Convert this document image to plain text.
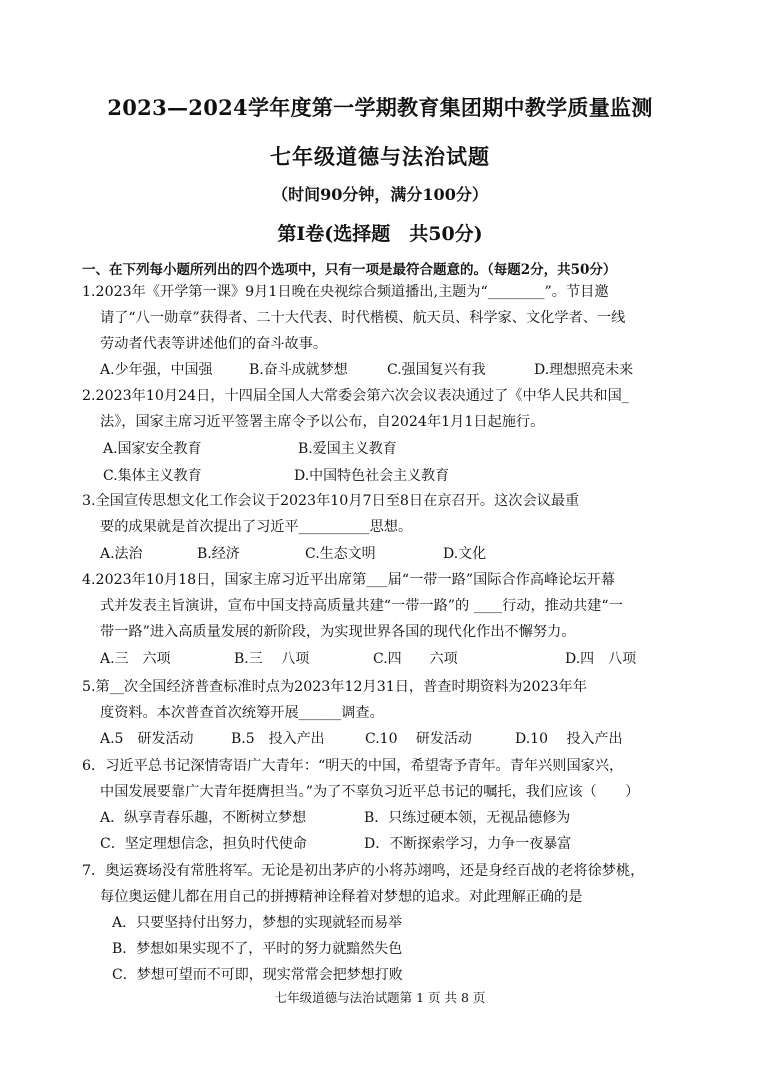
2023—2024学年度第一学期教育集团期中教学质量监测
七年级道德与法治试题
（时间90分钟，满分100分）
第Ⅰ卷(选择题　共50分)
一、在下列每小题所列出的四个选项中，只有一项是最符合题意的。（每题2分，共50分）
1.2023年《开学第一课》9月1日晚在央视综合频道播出,主题为“________”。节目邀
请了“八一勋章”获得者、二十大代表、时代楷模、航天员、科学家、文化学者、一线
劳动者代表等讲述他们的奋斗故事。
A.少年强，中国强	B.奋斗成就梦想	C.强国复兴有我	D.理想照亮未来
2.2023年10月24日，十四届全国人大常委会第六次会议表决通过了《中华人民共和国_
法》，国家主席习近平签署主席令予以公布，自2024年1月1日起施行。
A.国家安全教育	B.爱国主义教育
C.集体主义教育	D.中国特色社会主义教育
3.全国宣传思想文化工作会议于2023年10月7日至8日在京召开。这次会议最重
要的成果就是首次提出了习近平__________思想。
A.法治	B.经济	C.生态文明	D.文化
4.2023年10月18日，国家主席习近平出席第___届“一带一路”国际合作高峰论坛开幕
式并发表主旨演讲，宣布中国支持高质量共建“一带一路”的 ____行动，推动共建“一
带一路”进入高质量发展的新阶段，为实现世界各国的现代化作出不懈努力。
A.三　六项	B.三　 八项	C.四　　六项	D.四　八项
5.第__次全国经济普查标准时点为2023年12月31日，普查时期资料为2023年年
度资料。本次普查首次统筹开展______调查。
A.5　研发活动	B.5　投入产出	C.10　 研发活动	D.10　 投入产出
6．习近平总书记深情寄语广大青年：“明天的中国，希望寄予青年。青年兴则国家兴，
中国发展要靠广大青年挺膺担当。”为了不辜负习近平总书记的嘱托，我们应该（　　）
A．纵享青春乐趣，不断树立梦想	B．只练过硬本领，无视品德修为
C．坚定理想信念，担负时代使命	D．不断探索学习，力争一夜暴富
7．奥运赛场没有常胜将军。无论是初出茅庐的小将苏翊鸣，还是身经百战的老将徐梦桃，
每位奥运健儿都在用自己的拼搏精神诠释着对梦想的追求。对此理解正确的是
A．只要坚持付出努力，梦想的实现就轻而易举
B．梦想如果实现不了，平时的努力就黯然失色
C．梦想可望而不可即，现实常常会把梦想打败
七年级道德与法治试题第 1 页 共 8 页
